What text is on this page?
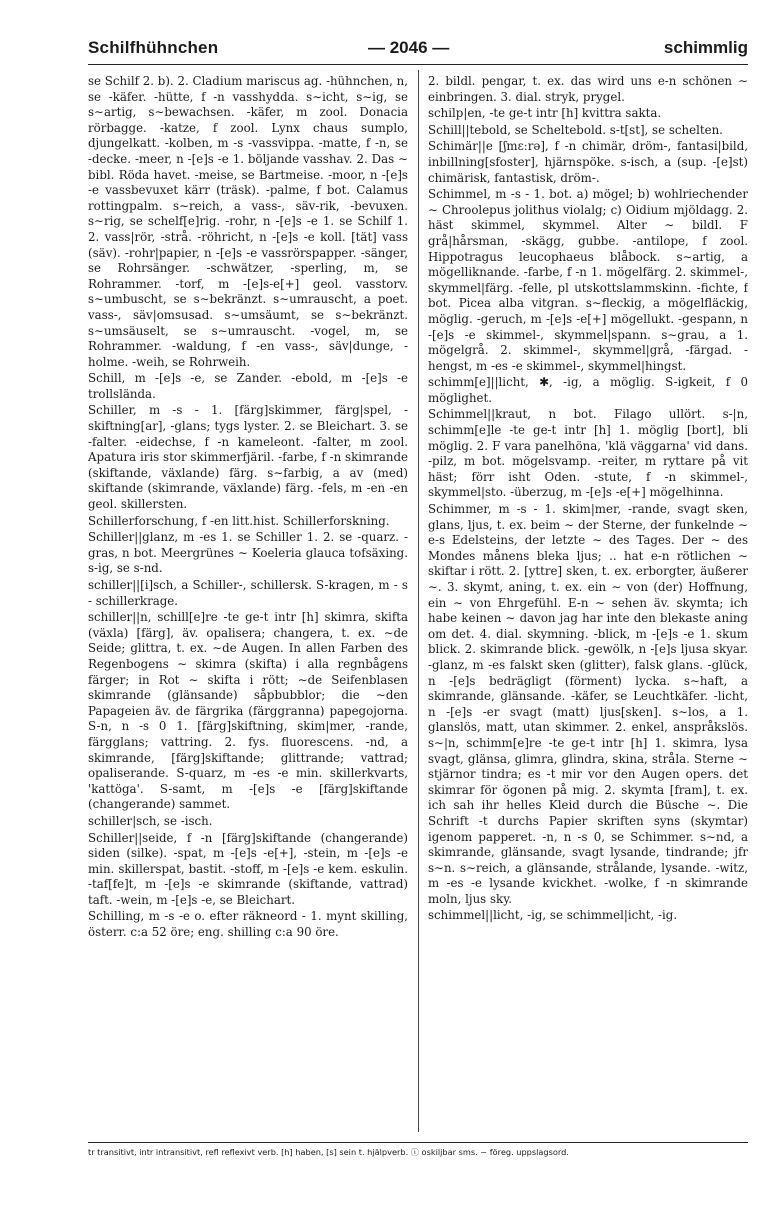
Schilfhühnchen	— 2046 —	schimmlig

se Schilf 2. b). 2. Cladium mariscus ag. -hühnchen, n, se -käfer. -hütte, f -n vasshydda. s∼icht, s∼ig, se s∼artig, s∼bewachsen. -käfer, m zool. Donacia rörbagge. -katze, f zool. Lynx chaus sumplo, djungelkatt. -kolben, m -s -vassvippa. -matte, f -n, se -decke. -meer, n -[e]s -e 1. böljande vasshav. 2. Das ∼ bibl. Röda havet. -meise, se Bartmeise. -moor, n -[e]s -e vassbevuxet kärr (träsk). -palme, f bot. Calamus rottingpalm. s∼reich, a vass-, säv-rik, -bevuxen. s∼rig, se schelf[e]rig. -rohr, n -[e]s -e 1. se Schilf 1. 2. vass|rör, -strå. -röhricht, n -[e]s -e koll. [tät] vass (säv). -rohr|papier, n -[e]s -e vassrörspapper. -sänger, se Rohrsänger. -schwätzer, -sperling, m, se Rohrammer. -torf, m -[e]s-e[+] geol. vasstorv. s∼umbuscht, se s∼bekränzt. s∼umrauscht, a poet. vass-, säv|omsusad. s∼umsäumt, se s∼bekränzt. s∼umsäuselt, se s∼umrauscht. -vogel, m, se Rohrammer. -waldung, f -en vass-, säv|dunge, -holme. -weih, se Rohrweih.

Schill, m -[e]s -e, se Zander. -ebold, m -[e]s -e trollslända.

Schiller, m -s - 1. [färg]skimmer, färg|spel, -skiftning[ar], -glans; tygs lyster. 2. se Bleichart. 3. se -falter. -eidechse, f -n kameleont. -falter, m zool. Apatura iris stor skimmerfjäril. -farbe, f -n skimrande (skiftande, växlande) färg. s∼farbig, a av (med) skiftande (skimrande, växlande) färg. -fels, m -en -en geol. skillersten.

Schillerforschung, f -en litt.hist. Schillerforskning.

Schiller||glanz, m -es 1. se Schiller 1. 2. se -quarz. -gras, n bot. Meergrünes ∼ Koeleria glauca tofsäxing. s-ig, se s-nd.

schiller||[i]sch, a Schiller-, schillersk. S-kragen, m - s - schillerkrage.

schiller||n, schill[e]re -te ge-t intr [h] skimra, skifta (växla) [färg], äv. opalisera; changera, t. ex. ∼de Seide; glittra, t. ex. ∼de Augen. In allen Farben des Regenbogens ∼ skimra (skifta) i alla regnbågens färger; in Rot ∼ skifta i rött; ∼de Seifenblasen skimrande (glänsande) såpbubblor; die ∼den Papageien äv. de färgrika (färggranna) papegojorna. S-n, n -s 0 1. [färg]skiftning, skim|mer, -rande, färgglans; vattring. 2. fys. fluorescens. -nd, a skimrande, [färg]skiftande; glittrande; vattrad; opaliserande. S-quarz, m -es -e min. skillerkvarts, 'kattöga'. S-samt, m -[e]s -e [färg]skiftande (changerande) sammet.

schiller|sch, se -isch.

Schiller||seide, f -n [färg]skiftande (changerande) siden (silke). -spat, m -[e]s -e[+], -stein, m -[e]s -e min. skillerspat, bastit. -stoff, m -[e]s -e kem. eskulin. -taf[fe]t, m -[e]s -e skimrande (skiftande, vattrad) taft. -wein, m -[e]s -e, se Bleichart.

Schilling, m -s -e o. efter räkneord - 1. mynt skilling, österr. c:a 52 öre; eng. shilling c:a 90 öre.

2. bildl. pengar, t. ex. das wird uns e-n schönen ∼ einbringen. 3. dial. stryk, prygel.

schilp|en, -te ge-t intr [h] kvittra sakta.

Schill||tebold, se Scheltebold. s-t[st], se schelten.

Schimär||e [ʃmɛːrə], f -n chimär, dröm-, fantasi|bild, inbillning[sfoster], hjärnspöke. s-isch, a (sup. -[e]st) chimärisk, fantastisk, dröm-.

Schimmel, m -s - 1. bot. a) mögel; b) wohlriechender ∼ Chroolepus jolithus violalg; c) Oidium mjöldagg. 2. häst skimmel, skymmel. Alter ∼ bildl. F grå|hårsman, -skägg, gubbe. -antilope, f zool. Hippotragus leucophaeus blåbock. s∼artig, a mögelliknande. -farbe, f -n 1. mögelfärg. 2. skimmel-, skymmel|färg. -felle, pl utskottslammskinn. -fichte, f bot. Picea alba vitgran. s∼fleckig, a mögelfläckig, möglig. -geruch, m -[e]s -e[+] mögellukt. -gespann, n -[e]s -e skimmel-, skymmel|spann. s∼grau, a 1. mögelgrå. 2. skimmel-, skymmel|grå, -färgad. -hengst, m -es -e skimmel-, skymmel|hingst.

schimm[e]||licht, ✱, -ig, a möglig. S-igkeit, f 0 möglighet.

Schimmel||kraut, n bot. Filago ullört. s-|n, schimm[e]le -te ge-t intr [h] 1. möglig [bort], bli möglig. 2. F vara panelhöna, 'klä väggarna' vid dans. -pilz, m bot. mögelsvamp. -reiter, m ryttare på vit häst; förr isht Oden. -stute, f -n skimmel-, skymmel|sto. -überzug, m -[e]s -e[+] mögelhinna.

Schimmer, m -s - 1. skim|mer, -rande, svagt sken, glans, ljus, t. ex. beim ∼ der Sterne, der funkelnde ∼ e-s Edelsteins, der letzte ∼ des Tages. Der ∼ des Mondes månens bleka ljus; .. hat e-n rötlichen ∼ skiftar i rött. 2. [yttre] sken, t. ex. erborgter, äußerer ∼. 3. skymt, aning, t. ex. ein ∼ von (der) Hoffnung, ein ∼ von Ehrgefühl. E-n ∼ sehen äv. skymta; ich habe keinen ∼ davon jag har inte den blekaste aning om det. 4. dial. skymning. -blick, m -[e]s -e 1. skum blick. 2. skimrande blick. -gewölk, n -[e]s ljusa skyar. -glanz, m -es falskt sken (glitter), falsk glans. -glück, n -[e]s bedrägligt (förment) lycka. s∼haft, a skimrande, glänsande. -käfer, se Leuchtkäfer. -licht, n -[e]s -er svagt (matt) ljus[sken]. s∼los, a 1. glanslös, matt, utan skimmer. 2. enkel, anspråkslös. s∼|n, schimm[e]re -te ge-t intr [h] 1. skimra, lysa svagt, glänsa, glimra, glindra, skina, stråla. Sterne ∼ stjärnor tindra; es -t mir vor den Augen opers. det skimrar för ögonen på mig. 2. skymta [fram], t. ex. ich sah ihr helles Kleid durch die Büsche ∼. Die Schrift -t durchs Papier skriften syns (skymtar) igenom papperet. -n, n -s 0, se Schimmer. s∼nd, a skimrande, glänsande, svagt lysande, tindrande; jfr s∼n. s∼reich, a glänsande, strålande, lysande. -witz, m -es -e lysande kvickhet. -wolke, f -n skimrande moln, ljus sky.

schimmel||licht, -ig, se schimmel|icht, -ig.

tr transitivt, intr intransitivt, refl reflexivt verb. [h] haben, [s] sein t. hjälpverb. ⓘ oskiljbar sms. ∼ föreg. uppslagsord.
